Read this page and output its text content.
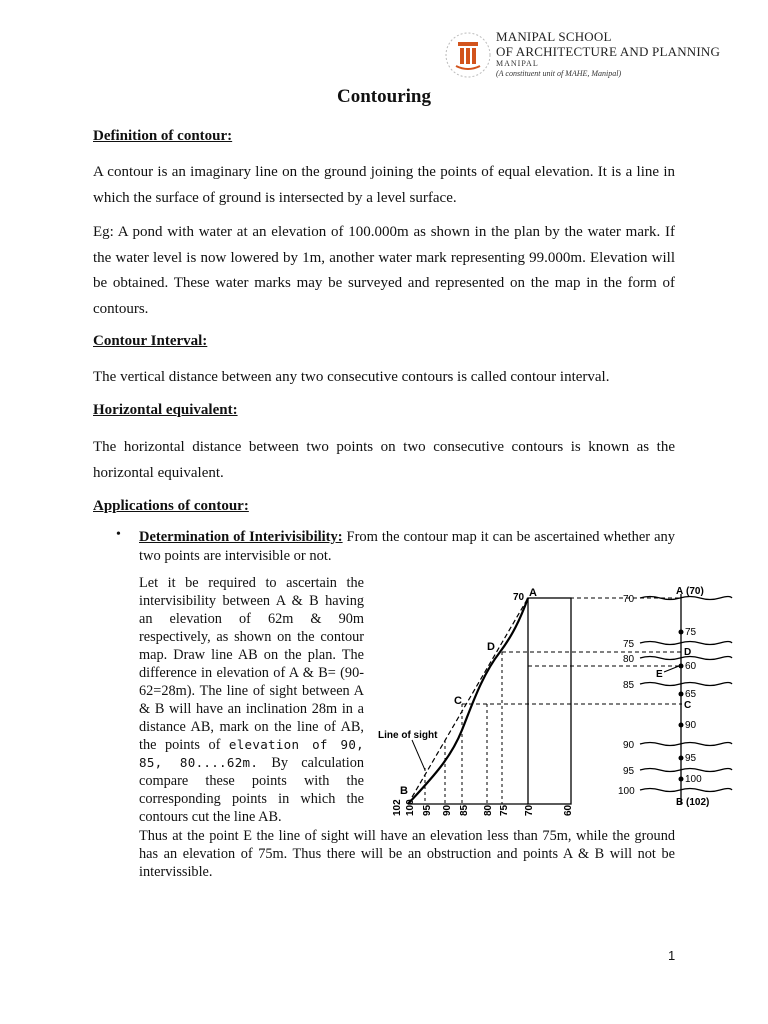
MANIPAL SCHOOL
OF ARCHITECTURE AND PLANNING
MANIPAL
(A constituent unit of MAHE, Manipal)
Contouring
Definition of contour:
A contour is an imaginary line on the ground joining the points of equal elevation. It is a line in which the surface of ground is intersected by a level surface.
Eg: A pond with water at an elevation of 100.000m as shown in the plan by the water mark. If the water level is now lowered by 1m, another water mark representing 99.000m. Elevation will be obtained. These water marks may be surveyed and represented on the map in the form of contours.
Contour Interval:
The vertical distance between any two consecutive contours is called contour interval.
Horizontal equivalent:
The horizontal distance between two points on two consecutive contours is known as the horizontal equivalent.
Applications of contour:
• Determination of Interivisibility: From the contour map it can be ascertained whether any two points are intervisible or not.
Let it be required to ascertain the intervisibility between A & B having an elevation of 62m & 90m respectively, as shown on the contour map. Draw line AB on the plan. The difference in elevation of A & B= (90-62=28m). The line of sight between A & B will have an inclination 28m in a distance AB, mark on the line of AB, the points of elevation of 90, 85, 80....62m. By calculation compare these points with the corresponding points in which the contours cut the line AB.
Thus at the point E the line of sight will have an elevation less than 75m, while the ground has an elevation of 75m. Thus there will be an obstruction and points A & B will not be intervissible.
70 A
D
C
B
Line of sight
102 100 95 90 85 80 75 70	60
70
75
80
85
90
95
100
75
60
65
90
95
100
A (70)
D
E
C
B (102)
1
